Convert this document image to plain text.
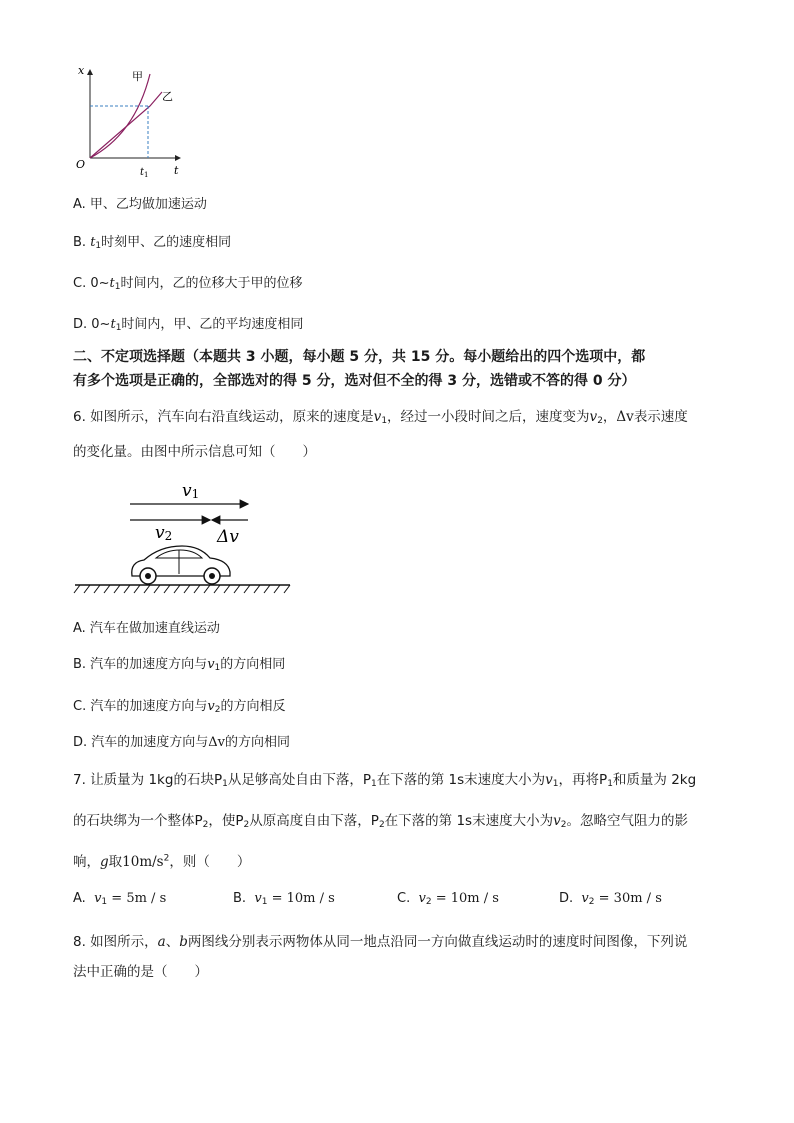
x
O	t
甲
乙
$t_1$
A. 甲、乙均做加速运动
B. $t_1$时刻甲、乙的速度相同
C. $0\sim t_1$时间内，乙的位移大于甲的位移
D. $0\sim t_1$时间内，甲、乙的平均速度相同
二、不定项选择题（本题共 3 小题，每小题 5 分，共 15 分。每小题给出的四个选项中，都
有多个选项是正确的，全部选对的得 5 分，选对但不全的得 3 分，选错或不答的得 0 分）
6. 如图所示，汽车向右沿直线运动，原来的速度是$v_1$，经过一小段时间之后，速度变为$v_2$，Δv表示速度
的变化量。由图中所示信息可知（　　）
v1
v2	Δv
A. 汽车在做加速直线运动
B. 汽车的加速度方向与$v_1$的方向相同
C. 汽车的加速度方向与$v_2$的方向相反
D. 汽车的加速度方向与Δv的方向相同
7. 让质量为 1kg的石块$P_1$从足够高处自由下落，$P_1$在下落的第 1s末速度大小为$v_1$，再将$P_1$和质量为 2kg
的石块绑为一个整体$P_2$，使$P_2$从原高度自由下落，$P_2$在下落的第 1s末速度大小为$v_2$。忽略空气阻力的影
响，g取$10m/s^2$，则（　　）
A. $v_1 = 5m / s$	B. $v_1 = 10m / s$	C. $v_2 = 10m / s$	D. $v_2 = 30m / s$
8. 如图所示，a、b两图线分别表示两物体从同一地点沿同一方向做直线运动时的速度时间图像，下列说
法中正确的是（　　）
